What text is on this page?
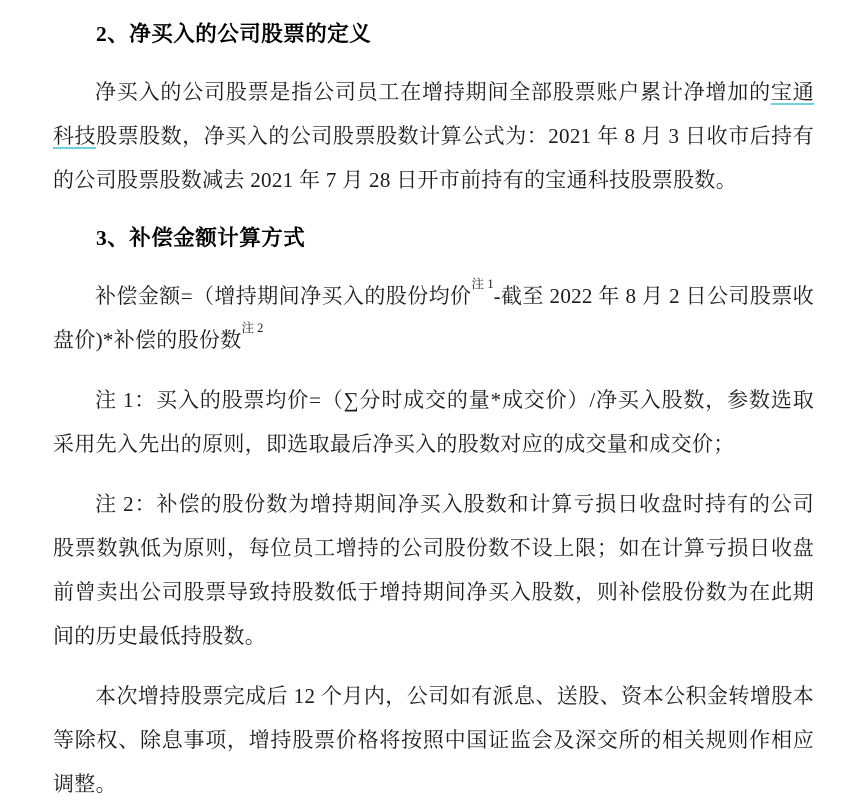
2、净买入的公司股票的定义

净买入的公司股票是指公司员工在增持期间全部股票账户累计净增加的宝通科技股票股数，净买入的公司股票股数计算公式为：2021 年 8 月 3 日收市后持有的公司股票股数减去 2021 年 7 月 28 日开市前持有的宝通科技股票股数。

3、补偿金额计算方式

补偿金额=（增持期间净买入的股份均价$^{注 1}$-截至 2022 年 8 月 2 日公司股票收盘价)*补偿的股份数$^{注 2}$

注 1：买入的股票均价=（∑分时成交的量*成交价）/净买入股数，参数选取采用先入先出的原则，即选取最后净买入的股数对应的成交量和成交价；

注 2：补偿的股份数为增持期间净买入股数和计算亏损日收盘时持有的公司股票数孰低为原则，每位员工增持的公司股份数不设上限；如在计算亏损日收盘前曾卖出公司股票导致持股数低于增持期间净买入股数，则补偿股份数为在此期间的历史最低持股数。

本次增持股票完成后 12 个月内，公司如有派息、送股、资本公积金转增股本等除权、除息事项，增持股票价格将按照中国证监会及深交所的相关规则作相应调整。
